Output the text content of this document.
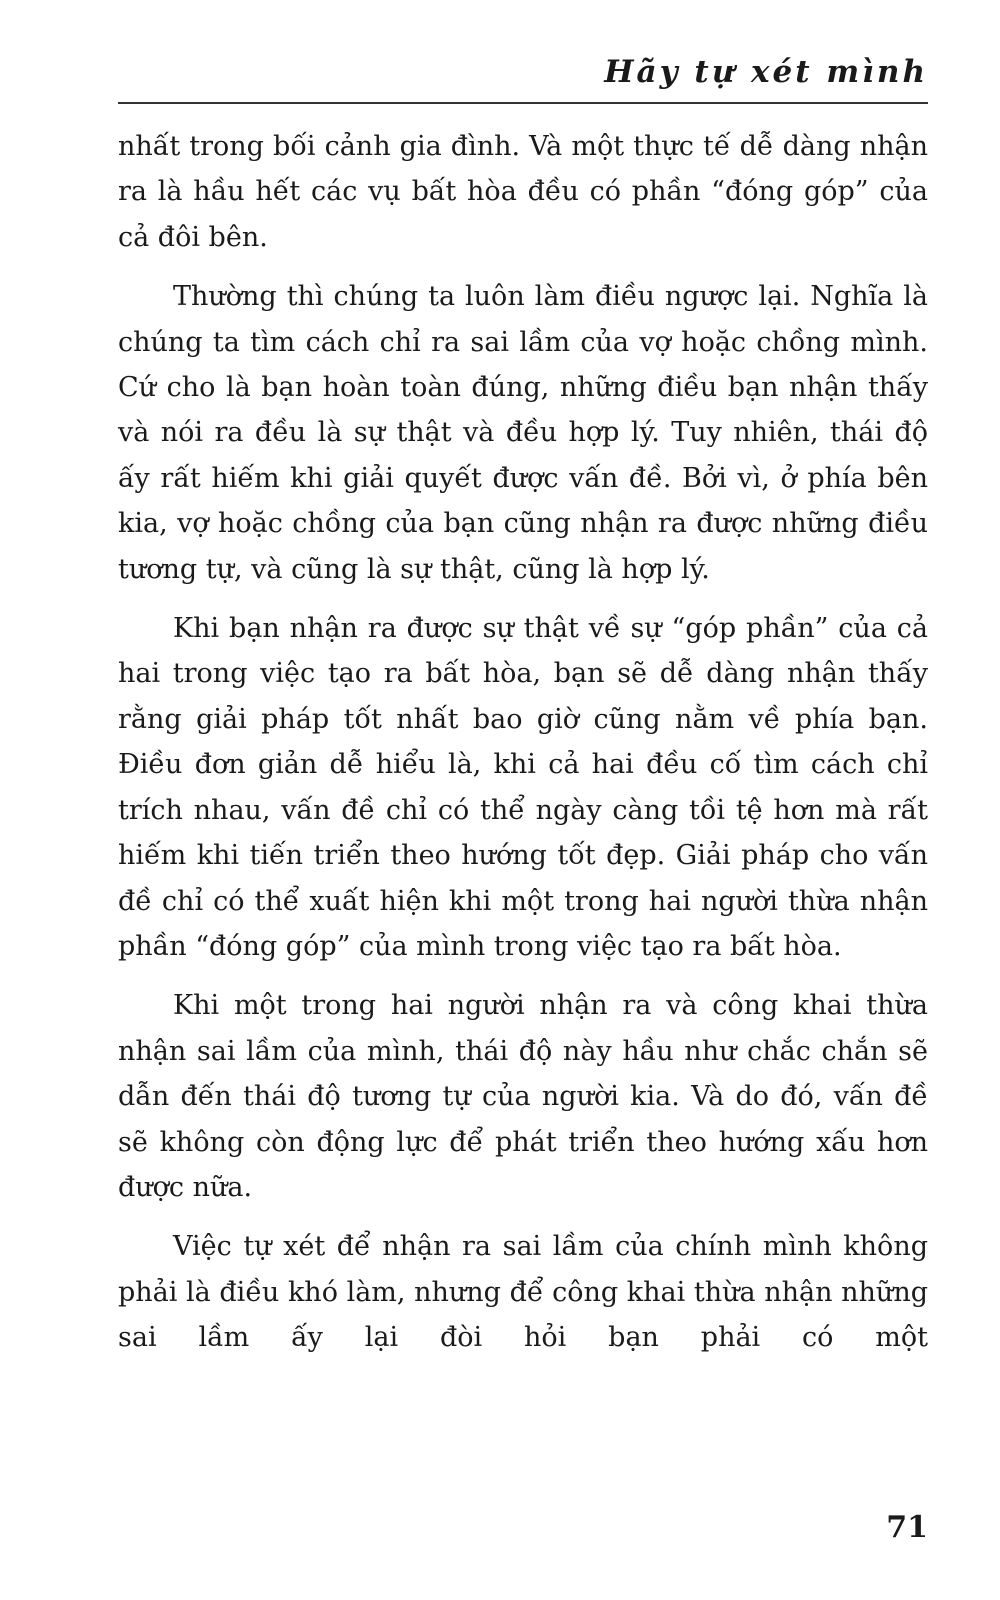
Hãy tự xét mình

nhất trong bối cảnh gia đình. Và một thực tế dễ dàng nhận ra là hầu hết các vụ bất hòa đều có phần “đóng góp” của cả đôi bên.

Thường thì chúng ta luôn làm điều ngược lại. Nghĩa là chúng ta tìm cách chỉ ra sai lầm của vợ hoặc chồng mình. Cứ cho là bạn hoàn toàn đúng, những điều bạn nhận thấy và nói ra đều là sự thật và đều hợp lý. Tuy nhiên, thái độ ấy rất hiếm khi giải quyết được vấn đề. Bởi vì, ở phía bên kia, vợ hoặc chồng của bạn cũng nhận ra được những điều tương tự, và cũng là sự thật, cũng là hợp lý.

Khi bạn nhận ra được sự thật về sự “góp phần” của cả hai trong việc tạo ra bất hòa, bạn sẽ dễ dàng nhận thấy rằng giải pháp tốt nhất bao giờ cũng nằm về phía bạn. Điều đơn giản dễ hiểu là, khi cả hai đều cố tìm cách chỉ trích nhau, vấn đề chỉ có thể ngày càng tồi tệ hơn mà rất hiếm khi tiến triển theo hướng tốt đẹp. Giải pháp cho vấn đề chỉ có thể xuất hiện khi một trong hai người thừa nhận phần “đóng góp” của mình trong việc tạo ra bất hòa.

Khi một trong hai người nhận ra và công khai thừa nhận sai lầm của mình, thái độ này hầu như chắc chắn sẽ dẫn đến thái độ tương tự của người kia. Và do đó, vấn đề sẽ không còn động lực để phát triển theo hướng xấu hơn được nữa.

Việc tự xét để nhận ra sai lầm của chính mình không phải là điều khó làm, nhưng để công khai thừa nhận những sai lầm ấy lại đòi hỏi bạn phải có một

71
